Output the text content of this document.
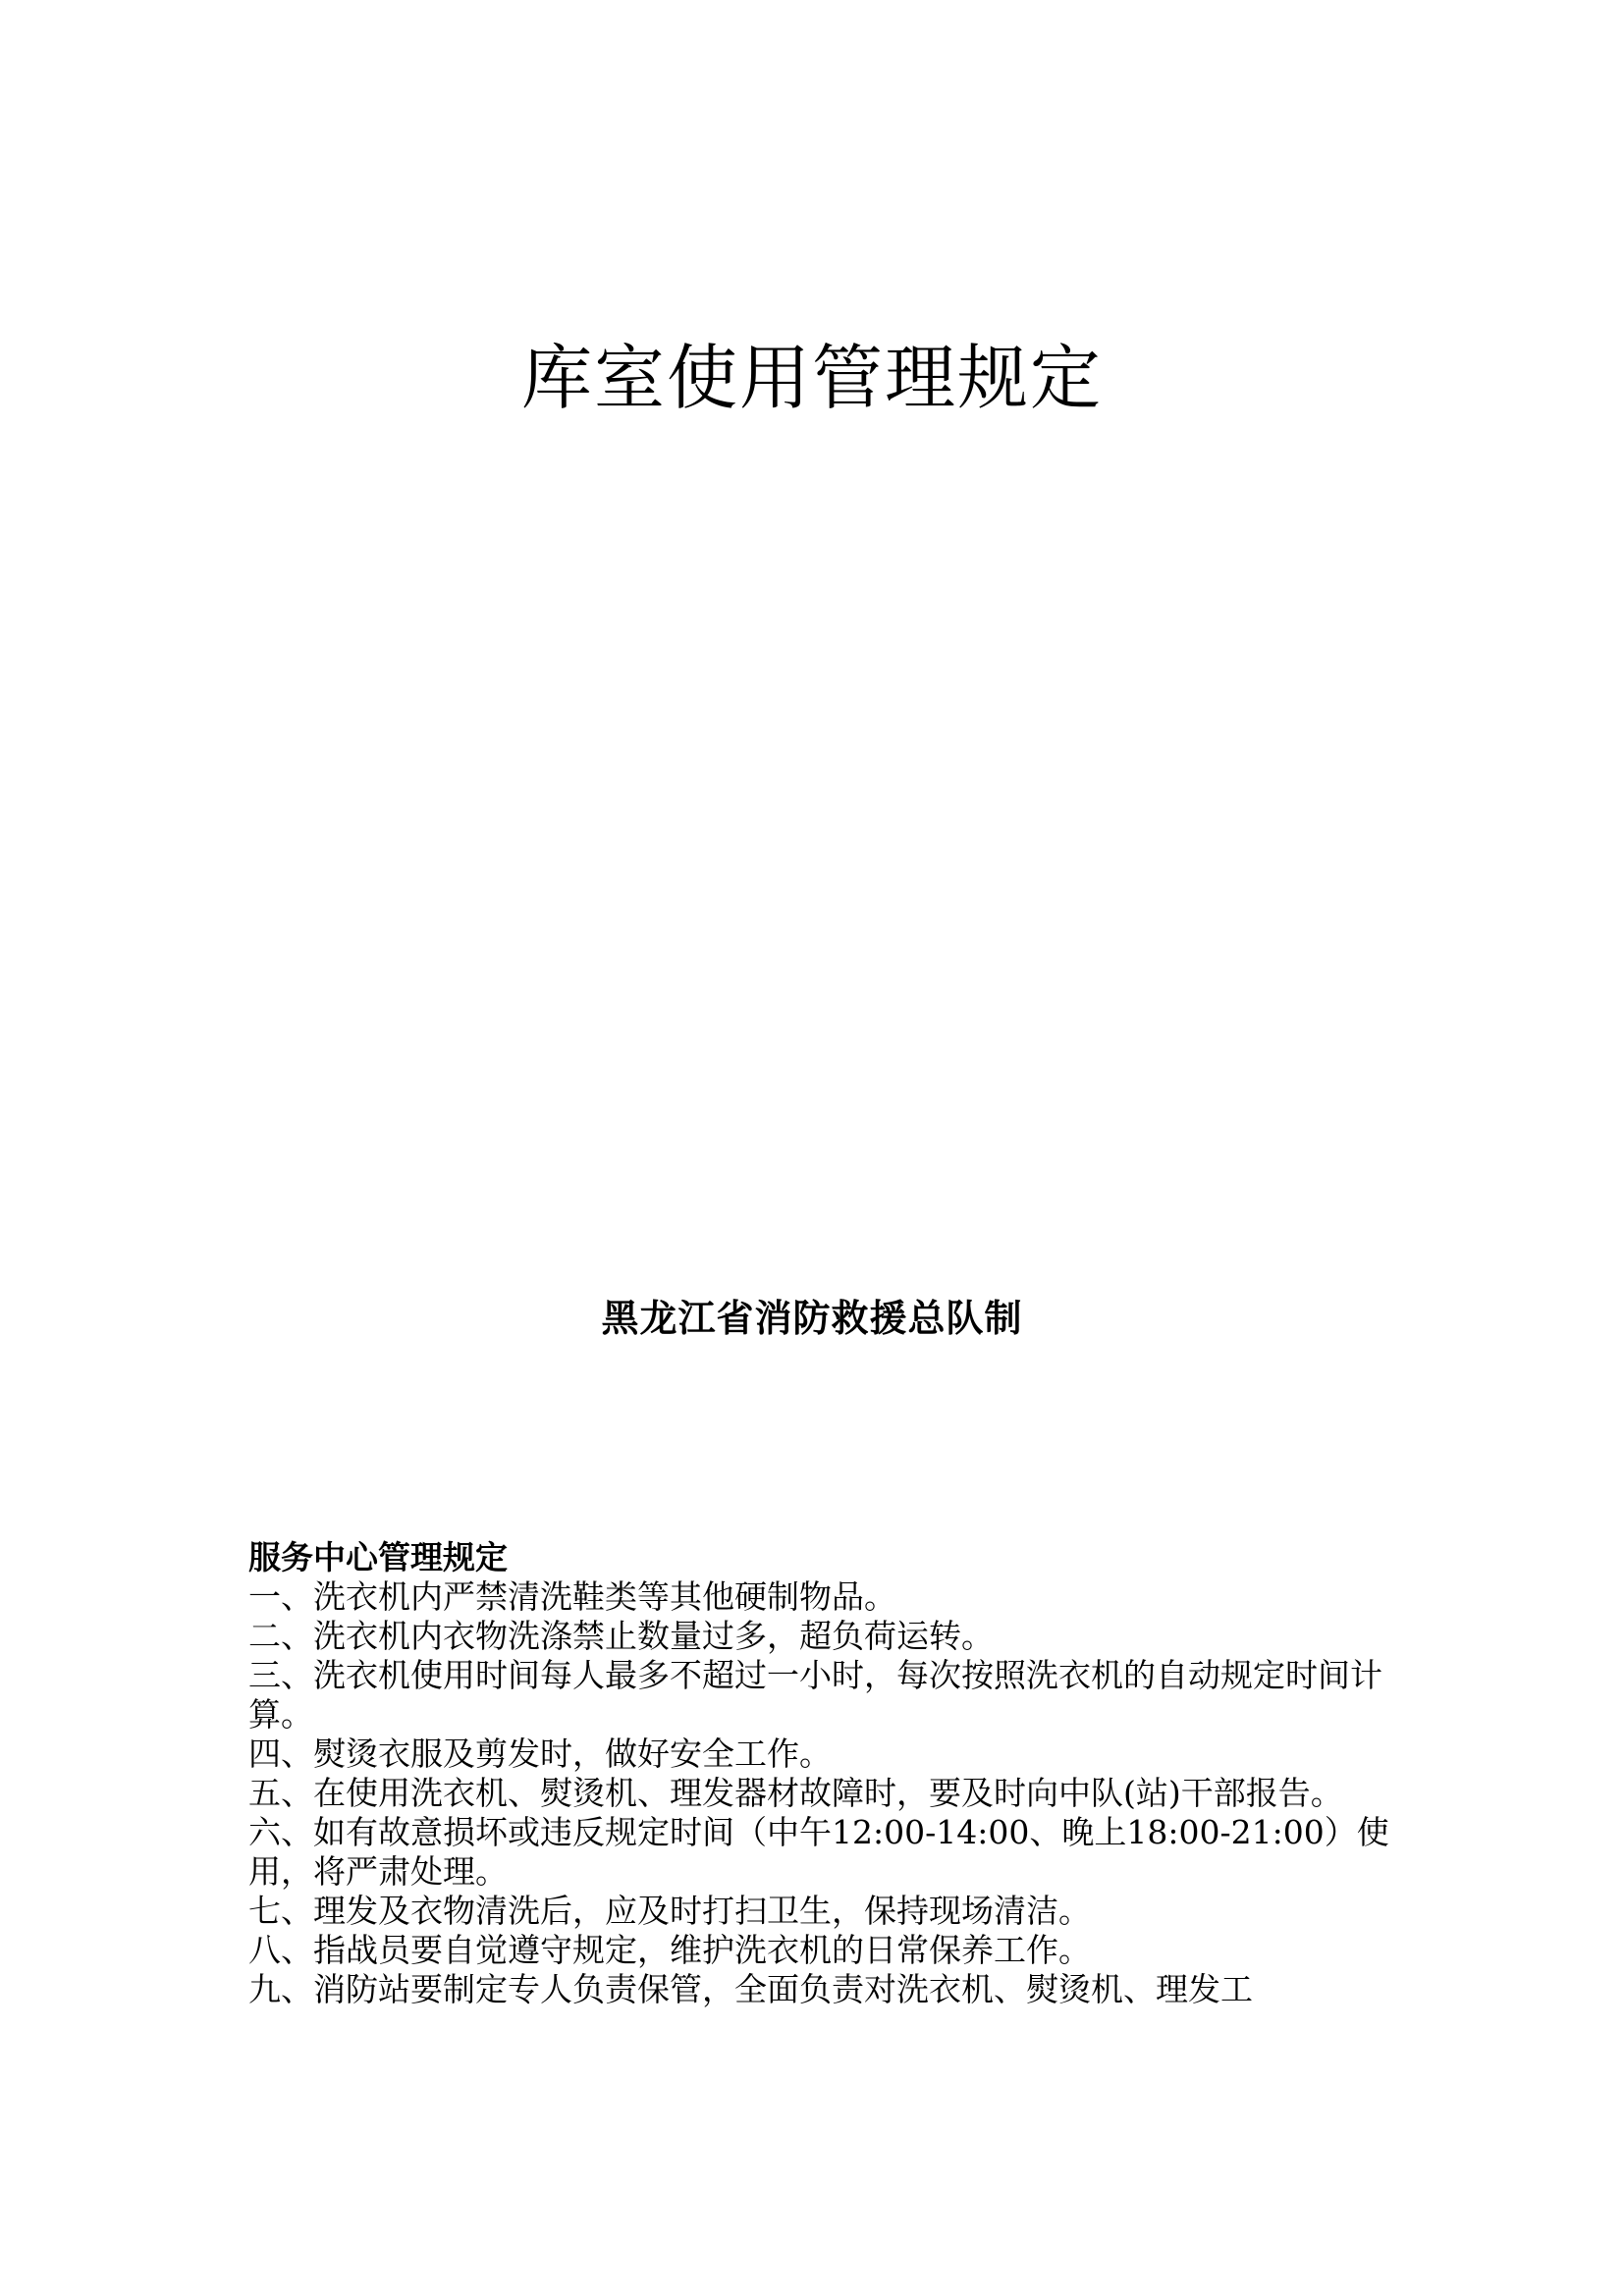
库室使用管理规定
黑龙江省消防救援总队制
服务中心管理规定
一、洗衣机内严禁清洗鞋类等其他硬制物品。
二、洗衣机内衣物洗涤禁止数量过多，超负荷运转。
三、洗衣机使用时间每人最多不超过一小时，每次按照洗衣机的自动规定时间计算。
四、熨烫衣服及剪发时，做好安全工作。
五、在使用洗衣机、熨烫机、理发器材故障时，要及时向中队(站)干部报告。
六、如有故意损坏或违反规定时间（中午12:00-14:00、晚上18:00-21:00）使用，将严肃处理。
七、理发及衣物清洗后，应及时打扫卫生，保持现场清洁。
八、指战员要自觉遵守规定，维护洗衣机的日常保养工作。
九、消防站要制定专人负责保管，全面负责对洗衣机、熨烫机、理发工
